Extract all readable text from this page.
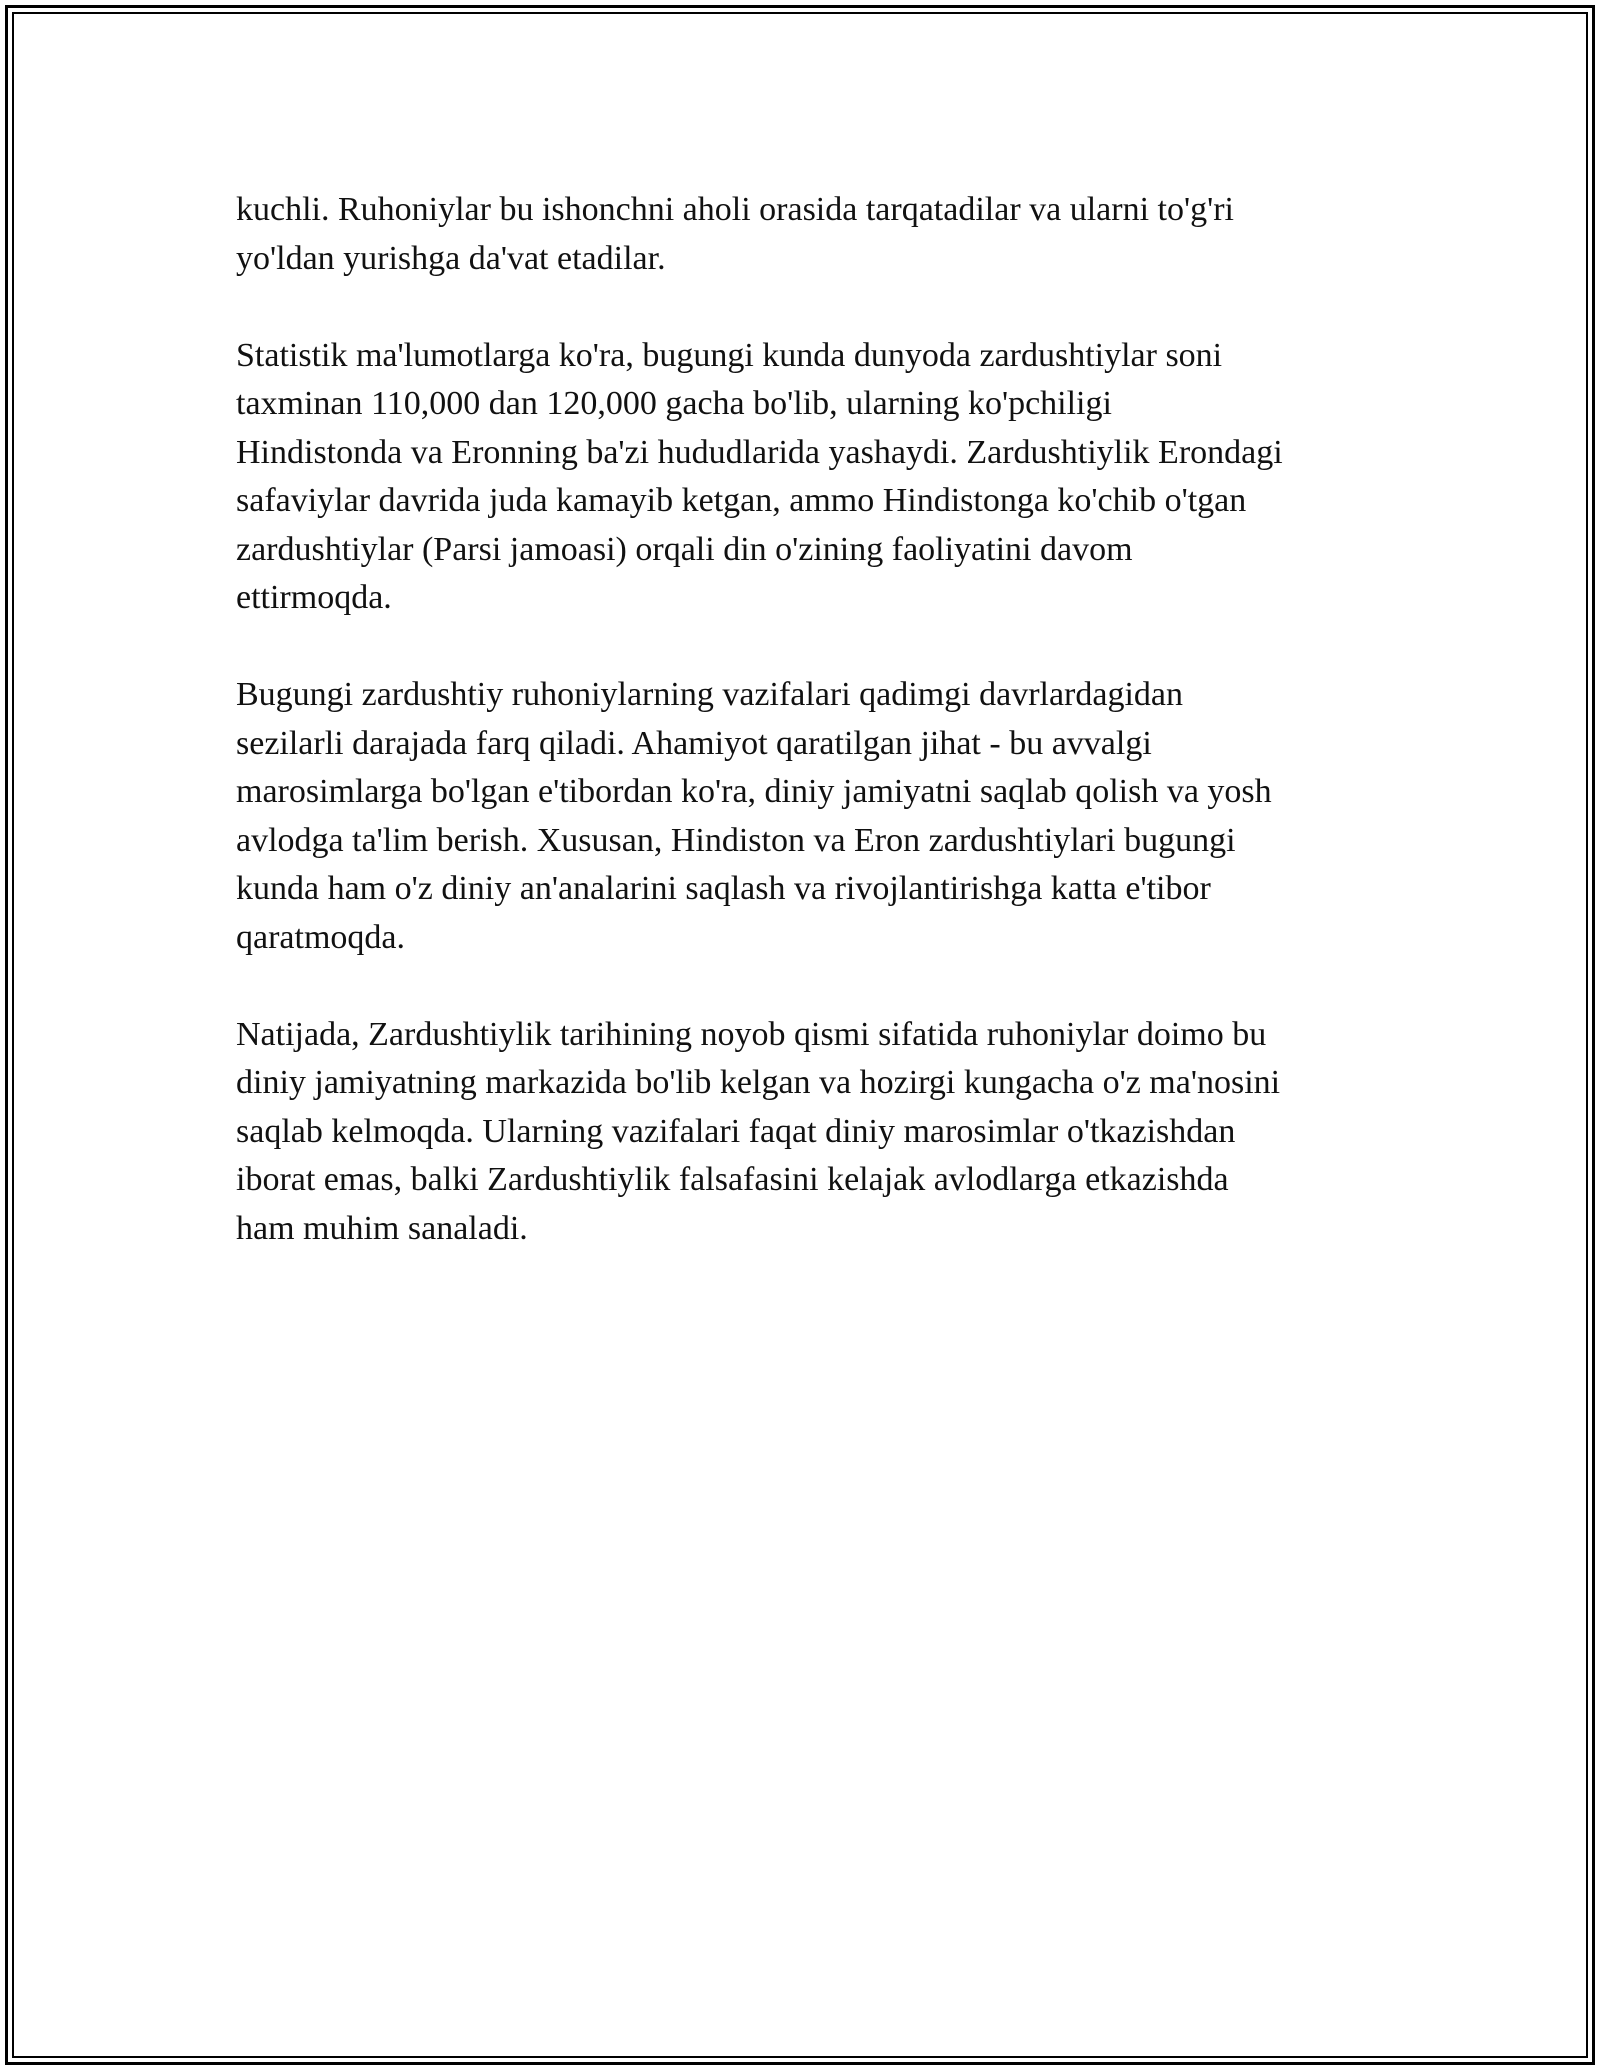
kuchli. Ruhoniylar bu ishonchni aholi orasida tarqatadilar va ularni to'g'ri
yo'ldan yurishga da'vat etadilar.

Statistik ma'lumotlarga ko'ra, bugungi kunda dunyoda zardushtiylar soni
taxminan 110,000 dan 120,000 gacha bo'lib, ularning ko'pchiligi
Hindistonda va Eronning ba'zi hududlarida yashaydi. Zardushtiylik Erondagi
safaviylar davrida juda kamayib ketgan, ammo Hindistonga ko'chib o'tgan
zardushtiylar (Parsi jamoasi) orqali din o'zining faoliyatini davom
ettirmoqda.

Bugungi zardushtiy ruhoniylarning vazifalari qadimgi davrlardagidan
sezilarli darajada farq qiladi. Ahamiyot qaratilgan jihat - bu avvalgi
marosimlarga bo'lgan e'tibordan ko'ra, diniy jamiyatni saqlab qolish va yosh
avlodga ta'lim berish. Xususan, Hindiston va Eron zardushtiylari bugungi
kunda ham o'z diniy an'analarini saqlash va rivojlantirishga katta e'tibor
qaratmoqda.

Natijada, Zardushtiylik tarihining noyob qismi sifatida ruhoniylar doimo bu
diniy jamiyatning markazida bo'lib kelgan va hozirgi kungacha o'z ma'nosini
saqlab kelmoqda. Ularning vazifalari faqat diniy marosimlar o'tkazishdan
iborat emas, balki Zardushtiylik falsafasini kelajak avlodlarga etkazishda
ham muhim sanaladi.
